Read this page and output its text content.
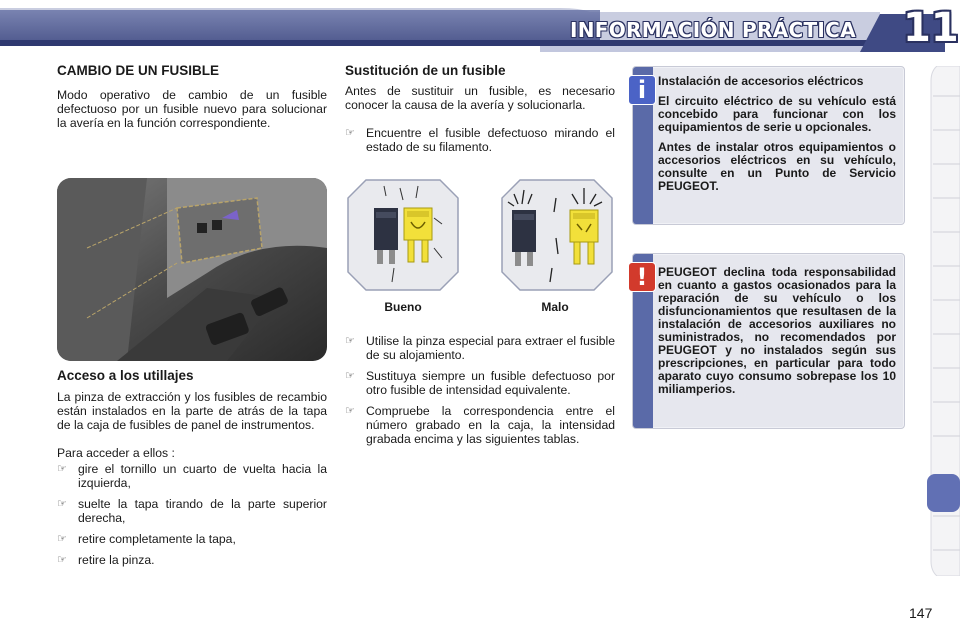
INFORMACIÓN PRÁCTICA 11
CAMBIO DE UN FUSIBLE

Modo operativo de cambio de un fusible defectuoso por un fusible nuevo para solucionar la avería en la función correspondiente.

Acceso a los utillajes

La pinza de extracción y los fusibles de recambio están instalados en la parte de atrás de la tapa de la caja de fusibles de panel de instrumentos.

Para acceder a ellos :

☞ gire el tornillo un cuarto de vuelta hacia la izquierda,
☞ suelte la tapa tirando de la parte superior derecha,
☞ retire completamente la tapa,
☞ retire la pinza.
Sustitución de un fusible

Antes de sustituir un fusible, es necesario conocer la causa de la avería y solucionarla.

☞ Encuentre el fusible defectuoso mirando el estado de su filamento.
Bueno	Malo
☞ Utilise la pinza especial para extraer el fusible de su alojamiento.
☞ Sustituya siempre un fusible defectuoso por otro fusible de intensidad equivalente.
☞ Compruebe la correspondencia entre el número grabado en la caja, la intensidad grabada encima y las siguientes tablas.
i Instalación de accesorios eléctricos

El circuito eléctrico de su vehículo está concebido para funcionar con los equipamientos de serie u opcionales.

Antes de instalar otros equipamientos o accesorios eléctricos en su vehículo, consulte en un Punto de Servicio PEUGEOT.

! PEUGEOT declina toda responsabilidad en cuanto a gastos ocasionados para la reparación de su vehículo o los disfuncionamientos que resultasen de la instalación de accesorios auxiliares no suministrados, no recomendados por PEUGEOT y no instalados según sus prescripciones, en particular para todo aparato cuyo consumo sobrepase los 10 miliamperios.

147
